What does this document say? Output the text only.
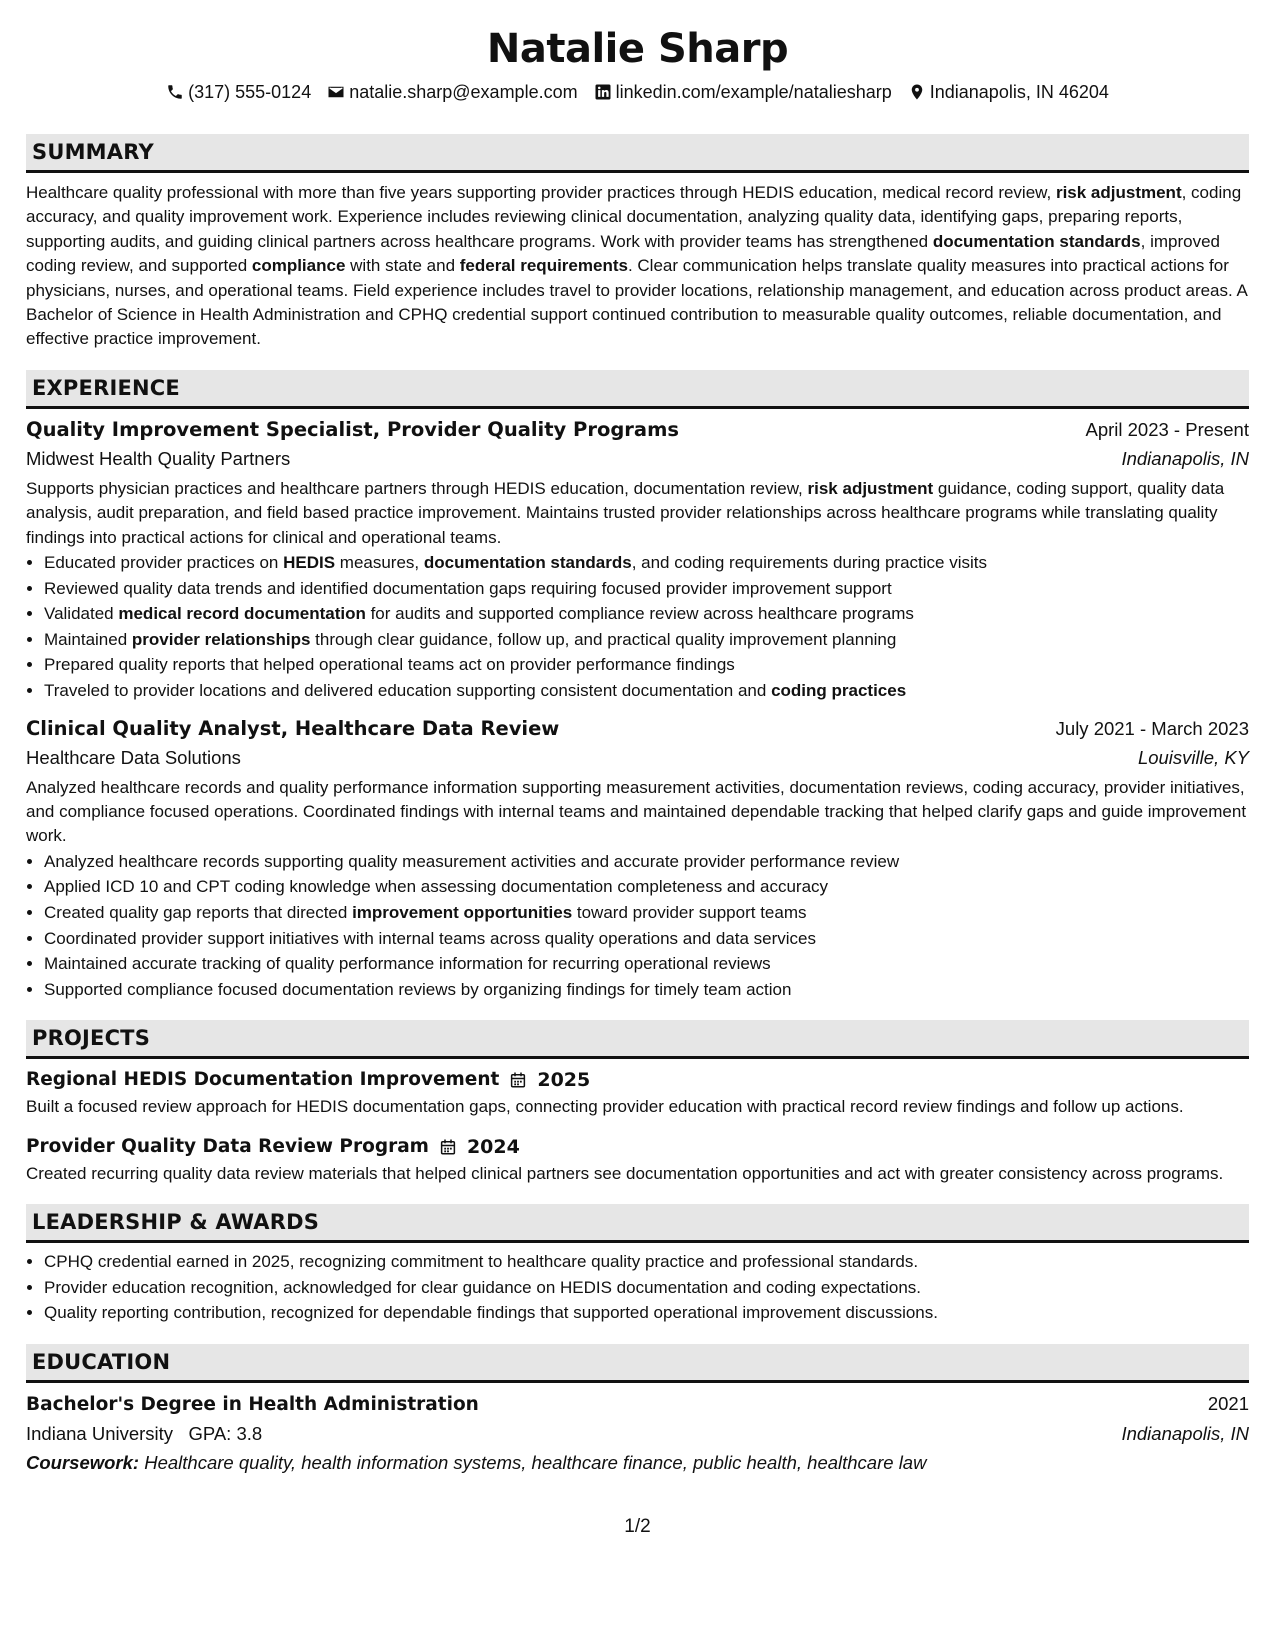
Natalie Sharp
(317) 555-0124 natalie.sharp@example.com linkedin.com/example/nataliesharp Indianapolis, IN 46204
SUMMARY
Healthcare quality professional with more than five years supporting provider practices through HEDIS education, medical record review, risk adjustment, coding accuracy, and quality improvement work. Experience includes reviewing clinical documentation, analyzing quality data, identifying gaps, preparing reports, supporting audits, and guiding clinical partners across healthcare programs. Work with provider teams has strengthened documentation standards, improved coding review, and supported compliance with state and federal requirements. Clear communication helps translate quality measures into practical actions for physicians, nurses, and operational teams. Field experience includes travel to provider locations, relationship management, and education across product areas. A Bachelor of Science in Health Administration and CPHQ credential support continued contribution to measurable quality outcomes, reliable documentation, and effective practice improvement.
EXPERIENCE
Quality Improvement Specialist, Provider Quality Programs	April 2023 - Present
Midwest Health Quality Partners	Indianapolis, IN
Supports physician practices and healthcare partners through HEDIS education, documentation review, risk adjustment guidance, coding support, quality data analysis, audit preparation, and field based practice improvement. Maintains trusted provider relationships across healthcare programs while translating quality findings into practical actions for clinical and operational teams.
• Educated provider practices on HEDIS measures, documentation standards, and coding requirements during practice visits
• Reviewed quality data trends and identified documentation gaps requiring focused provider improvement support
• Validated medical record documentation for audits and supported compliance review across healthcare programs
• Maintained provider relationships through clear guidance, follow up, and practical quality improvement planning
• Prepared quality reports that helped operational teams act on provider performance findings
• Traveled to provider locations and delivered education supporting consistent documentation and coding practices
Clinical Quality Analyst, Healthcare Data Review	July 2021 - March 2023
Healthcare Data Solutions	Louisville, KY
Analyzed healthcare records and quality performance information supporting measurement activities, documentation reviews, coding accuracy, provider initiatives, and compliance focused operations. Coordinated findings with internal teams and maintained dependable tracking that helped clarify gaps and guide improvement work.
• Analyzed healthcare records supporting quality measurement activities and accurate provider performance review
• Applied ICD 10 and CPT coding knowledge when assessing documentation completeness and accuracy
• Created quality gap reports that directed improvement opportunities toward provider support teams
• Coordinated provider support initiatives with internal teams across quality operations and data services
• Maintained accurate tracking of quality performance information for recurring operational reviews
• Supported compliance focused documentation reviews by organizing findings for timely team action
PROJECTS
Regional HEDIS Documentation Improvement 2025
Built a focused review approach for HEDIS documentation gaps, connecting provider education with practical record review findings and follow up actions.
Provider Quality Data Review Program 2024
Created recurring quality data review materials that helped clinical partners see documentation opportunities and act with greater consistency across programs.
LEADERSHIP & AWARDS
• CPHQ credential earned in 2025, recognizing commitment to healthcare quality practice and professional standards.
• Provider education recognition, acknowledged for clear guidance on HEDIS documentation and coding expectations.
• Quality reporting contribution, recognized for dependable findings that supported operational improvement discussions.
EDUCATION
Bachelor's Degree in Health Administration	2021
Indiana University GPA: 3.8	Indianapolis, IN
Coursework: Healthcare quality, health information systems, healthcare finance, public health, healthcare law
1/2
